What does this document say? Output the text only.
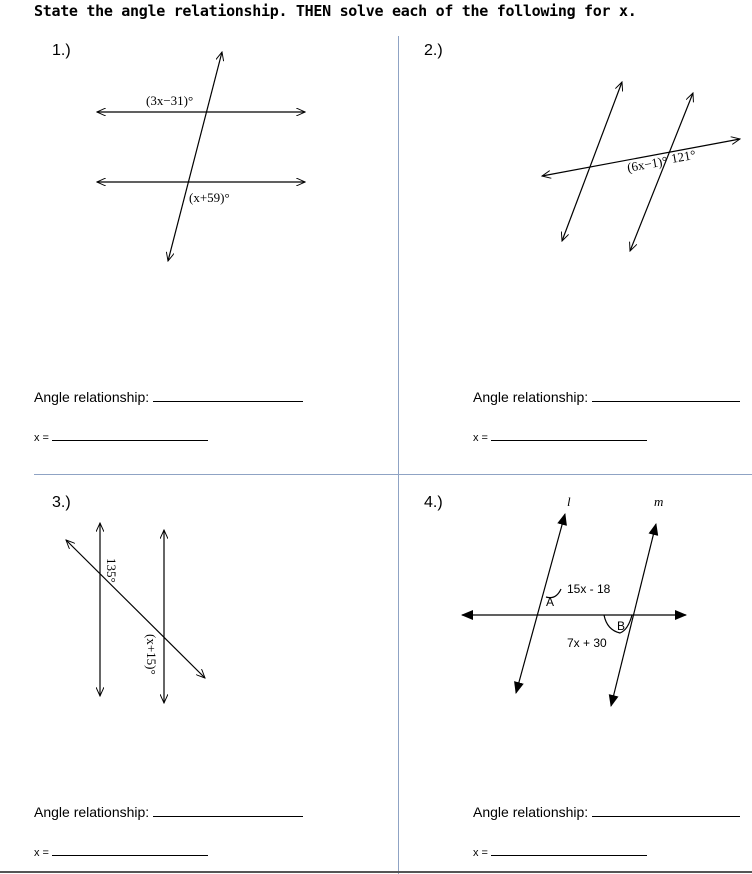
State the angle relationship. THEN solve each of the following for x.
1.)	2.)
3.)	4.)
(3x−31)°
(x+59)°
(6x−1)° 121°
135°
(x+15)°
15x - 18
7x + 30
A
B
l	m
Angle relationship:
x =
Angle relationship:
x =
Angle relationship:
x =
Angle relationship:
x =
